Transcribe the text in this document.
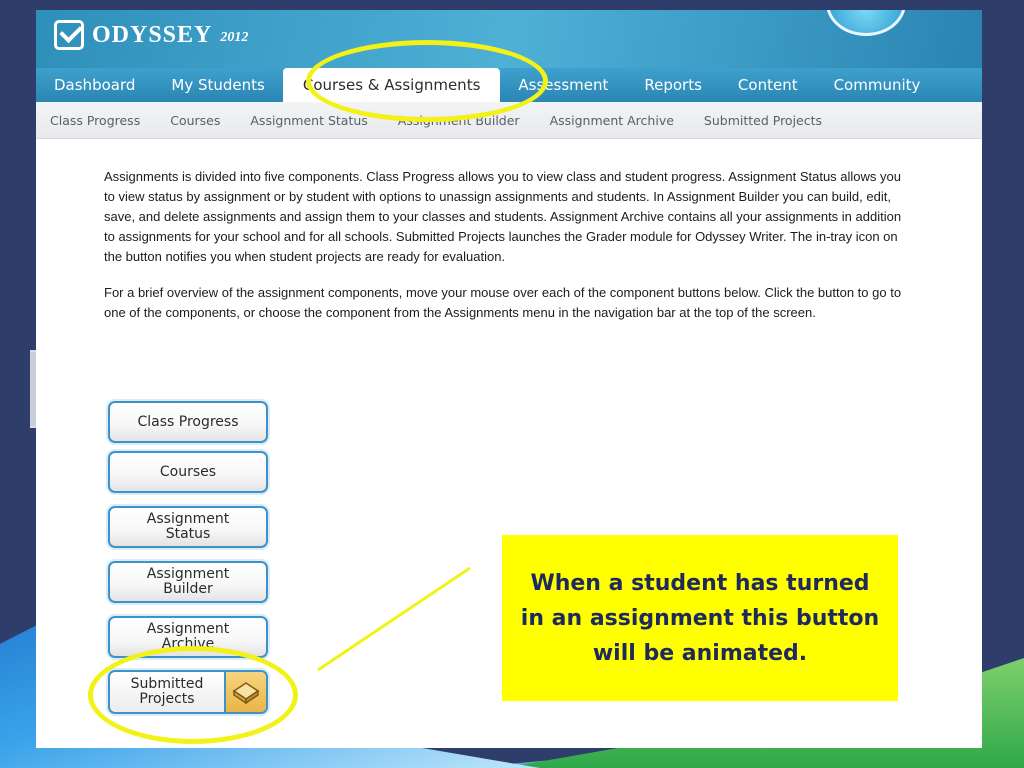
ODYSSEY 2012
Dashboard	My Students	Courses & Assignments	Assessment	Reports	Content	Community
Class Progress Courses Assignment Status Assignment Builder Assignment Archive Submitted Projects

Assignments is divided into five components. Class Progress allows you to view class and student progress. Assignment Status allows you to view status by assignment or by student with options to unassign assignments and students. In Assignment Builder you can build, edit, save, and delete assignments and assign them to your classes and students. Assignment Archive contains all your assignments in addition to assignments for your school and for all schools. Submitted Projects launches the Grader module for Odyssey Writer. The in-tray icon on the button notifies you when student projects are ready for evaluation.

For a brief overview of the assignment components, move your mouse over each of the component buttons below. Click the button to go to one of the components, or choose the component from the Assignments menu in the navigation bar at the top of the screen.

Class Progress
Courses
Assignment
Status
Assignment
Builder
Assignment
Archive
Submitted
Projects
When a student has turned in an assignment this button will be animated.
